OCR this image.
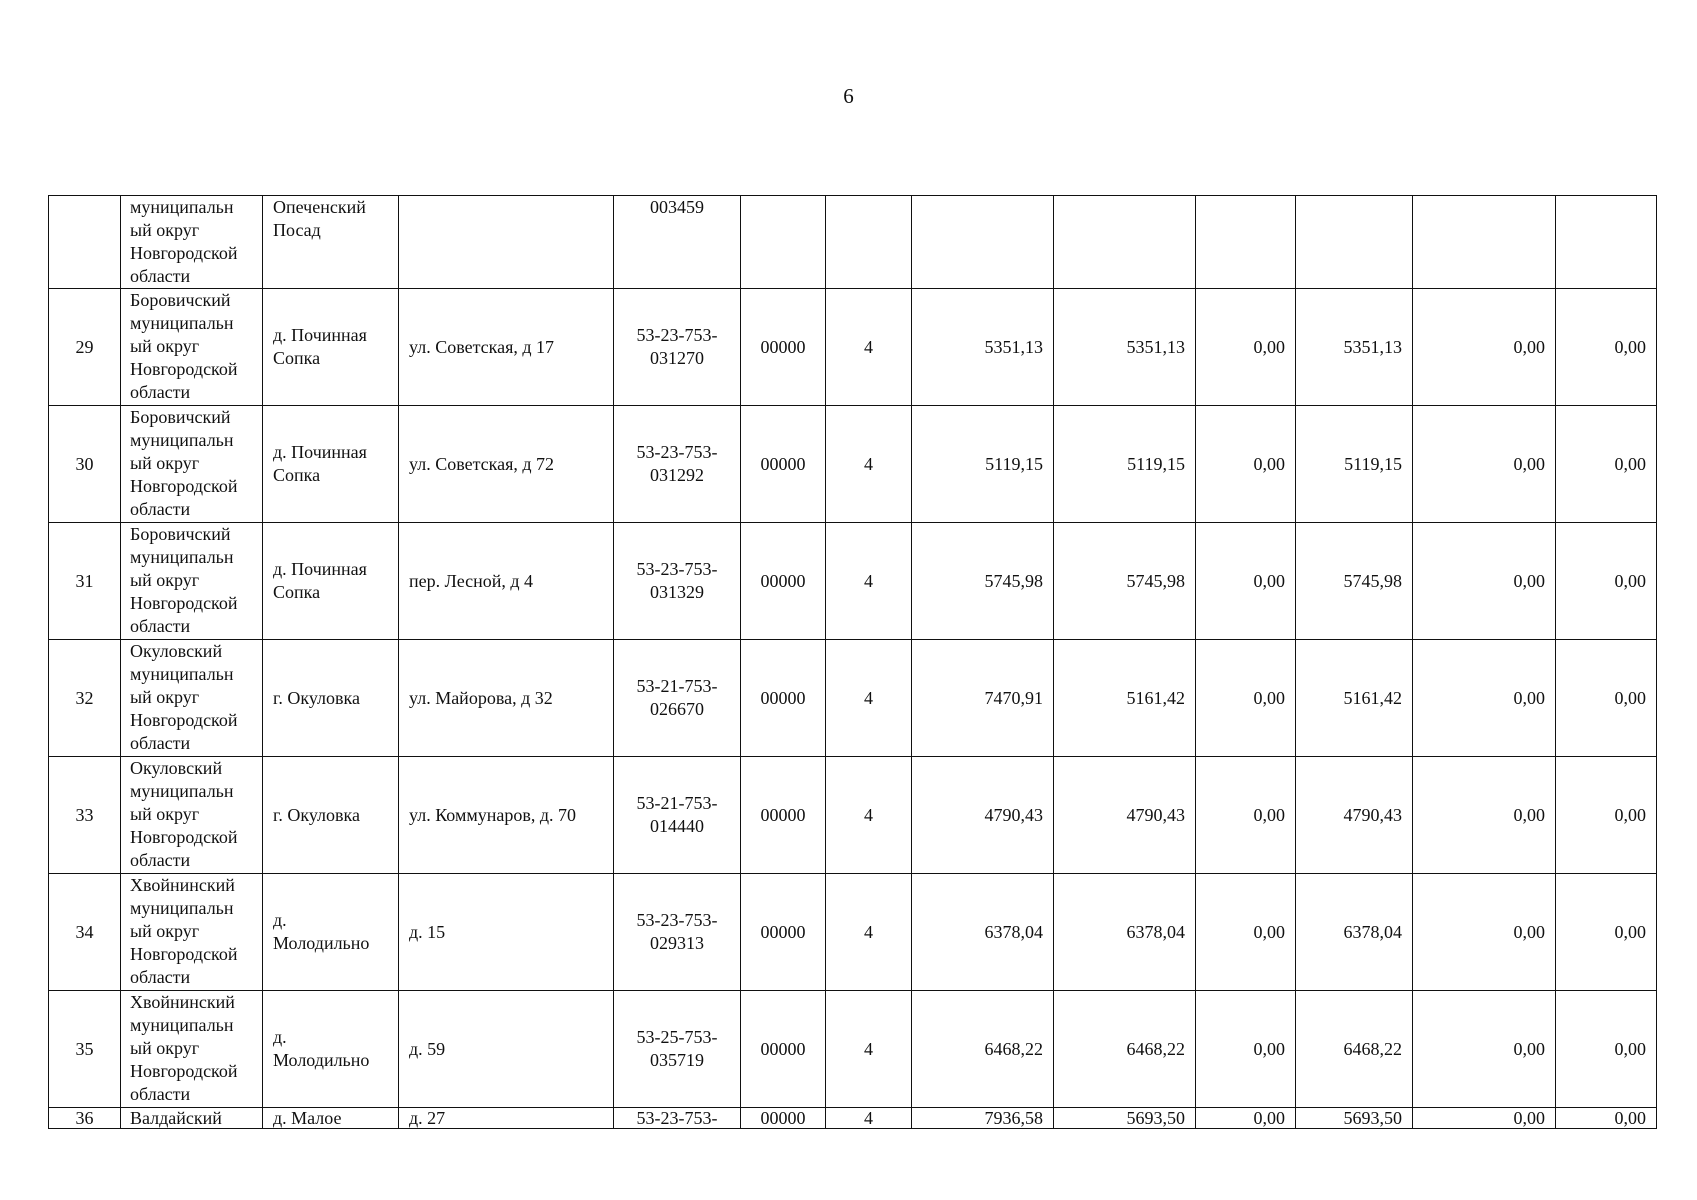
6
	муниципальн
ый округ
Новгородской
области	Опеченский
Посад		003459								
29	Боровичский
муниципальн
ый округ
Новгородской
области	д. Починная
Сопка	ул. Советская, д 17	53-23-753-
031270	00000	4	5351,13	5351,13	0,00	5351,13	0,00	0,00
30	Боровичский
муниципальн
ый округ
Новгородской
области	д. Починная
Сопка	ул. Советская, д 72	53-23-753-
031292	00000	4	5119,15	5119,15	0,00	5119,15	0,00	0,00
31	Боровичский
муниципальн
ый округ
Новгородской
области	д. Починная
Сопка	пер. Лесной, д 4	53-23-753-
031329	00000	4	5745,98	5745,98	0,00	5745,98	0,00	0,00
32	Окуловский
муниципальн
ый округ
Новгородской
области	г. Окуловка	ул. Майорова, д 32	53-21-753-
026670	00000	4	7470,91	5161,42	0,00	5161,42	0,00	0,00
33	Окуловский
муниципальн
ый округ
Новгородской
области	г. Окуловка	ул. Коммунаров, д. 70	53-21-753-
014440	00000	4	4790,43	4790,43	0,00	4790,43	0,00	0,00
34	Хвойнинский
муниципальн
ый округ
Новгородской
области	д.
Молодильно	д. 15	53-23-753-
029313	00000	4	6378,04	6378,04	0,00	6378,04	0,00	0,00
35	Хвойнинский
муниципальн
ый округ
Новгородской
области	д.
Молодильно	д. 59	53-25-753-
035719	00000	4	6468,22	6468,22	0,00	6468,22	0,00	0,00
36	Валдайский	д. Малое	д. 27	53-23-753-	00000	4	7936,58	5693,50	0,00	5693,50	0,00	0,00
